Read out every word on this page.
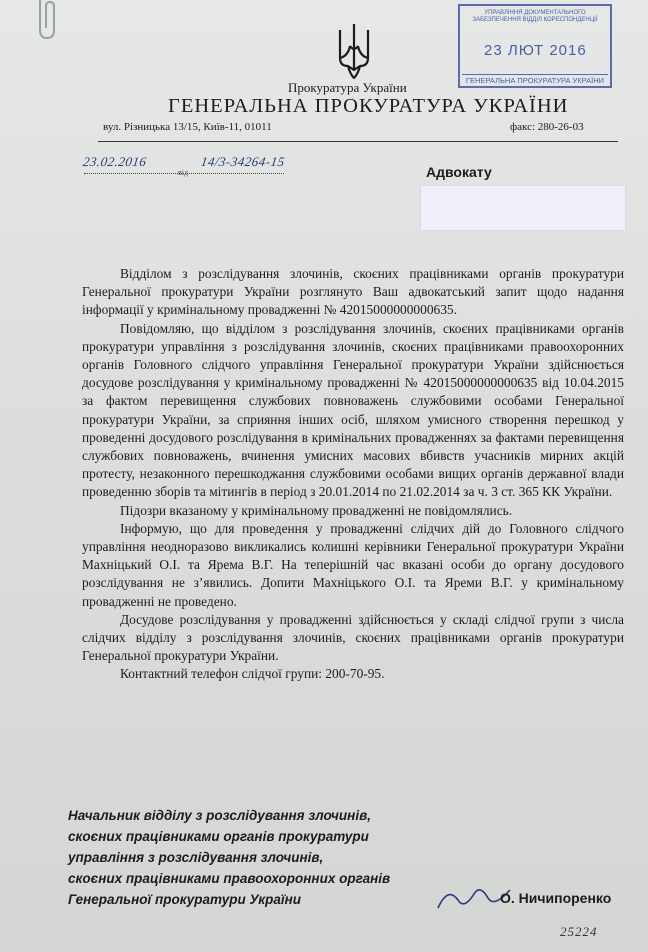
УПРАВЛІННЯ ДОКУМЕНТАЛЬНОГО ЗАБЕЗПЕЧЕННЯ ВІДДІЛ КОРЕСПОНДЕНЦІЇ
23 ЛЮТ 2016
ГЕНЕРАЛЬНА ПРОКУРАТУРА УКРАЇНИ
Прокуратура України
ГЕНЕРАЛЬНА ПРОКУРАТУРА УКРАЇНИ
вул. Різницька 13/15, Київ-11, 01011	факс: 280-26-03
23.02.2016	14/3-34264-15
від	Адвокату

Відділом з розслідування злочинів, скоєних працівниками органів прокуратури Генеральної прокуратури України розглянуто Ваш адвокатський запит щодо надання інформації у кримінальному провадженні № 42015000000000635.

Повідомляю, що відділом з розслідування злочинів, скоєних працівниками органів прокуратури управління з розслідування злочинів, скоєних працівниками правоохоронних органів Головного слідчого управління Генеральної прокуратури України здійснюється досудове розслідування у кримінальному провадженні № 42015000000000635 від 10.04.2015 за фактом перевищення службових повноважень службовими особами Генеральної прокуратури України, за сприяння інших осіб, шляхом умисного створення перешкод у проведенні досудового розслідування в кримінальних провадженнях за фактами перевищення службових повноважень, вчинення умисних масових вбивств учасників мирних акцій протесту, незаконного перешкоджання службовими особами вищих органів державної влади проведенню зборів та мітингів в період з 20.01.2014 по 21.02.2014 за ч. 3 ст. 365 КК України.

Підозри вказаному у кримінальному провадженні не повідомлялись.

Інформую, що для проведення у провадженні слідчих дій до Головного слідчого управління неодноразово викликались колишні керівники Генеральної прокуратури України Махніцький О.І. та Ярема В.Г. На теперішній час вказані особи до органу досудового розслідування не з’явились. Допити Махніцького О.І. та Яреми В.Г. у кримінальному провадженні не проведено.

Досудове розслідування у провадженні здійснюється у складі слідчої групи з числа слідчих відділу з розслідування злочинів, скоєних працівниками органів прокуратури Генеральної прокуратури України.

Контактний телефон слідчої групи: 200-70-95.

Начальник відділу з розслідування злочинів,
скоєних працівниками органів прокуратури
управління з розслідування злочинів,
скоєних працівниками правоохоронних органів
Генеральної прокуратури України	О. Ничипоренко
25224
